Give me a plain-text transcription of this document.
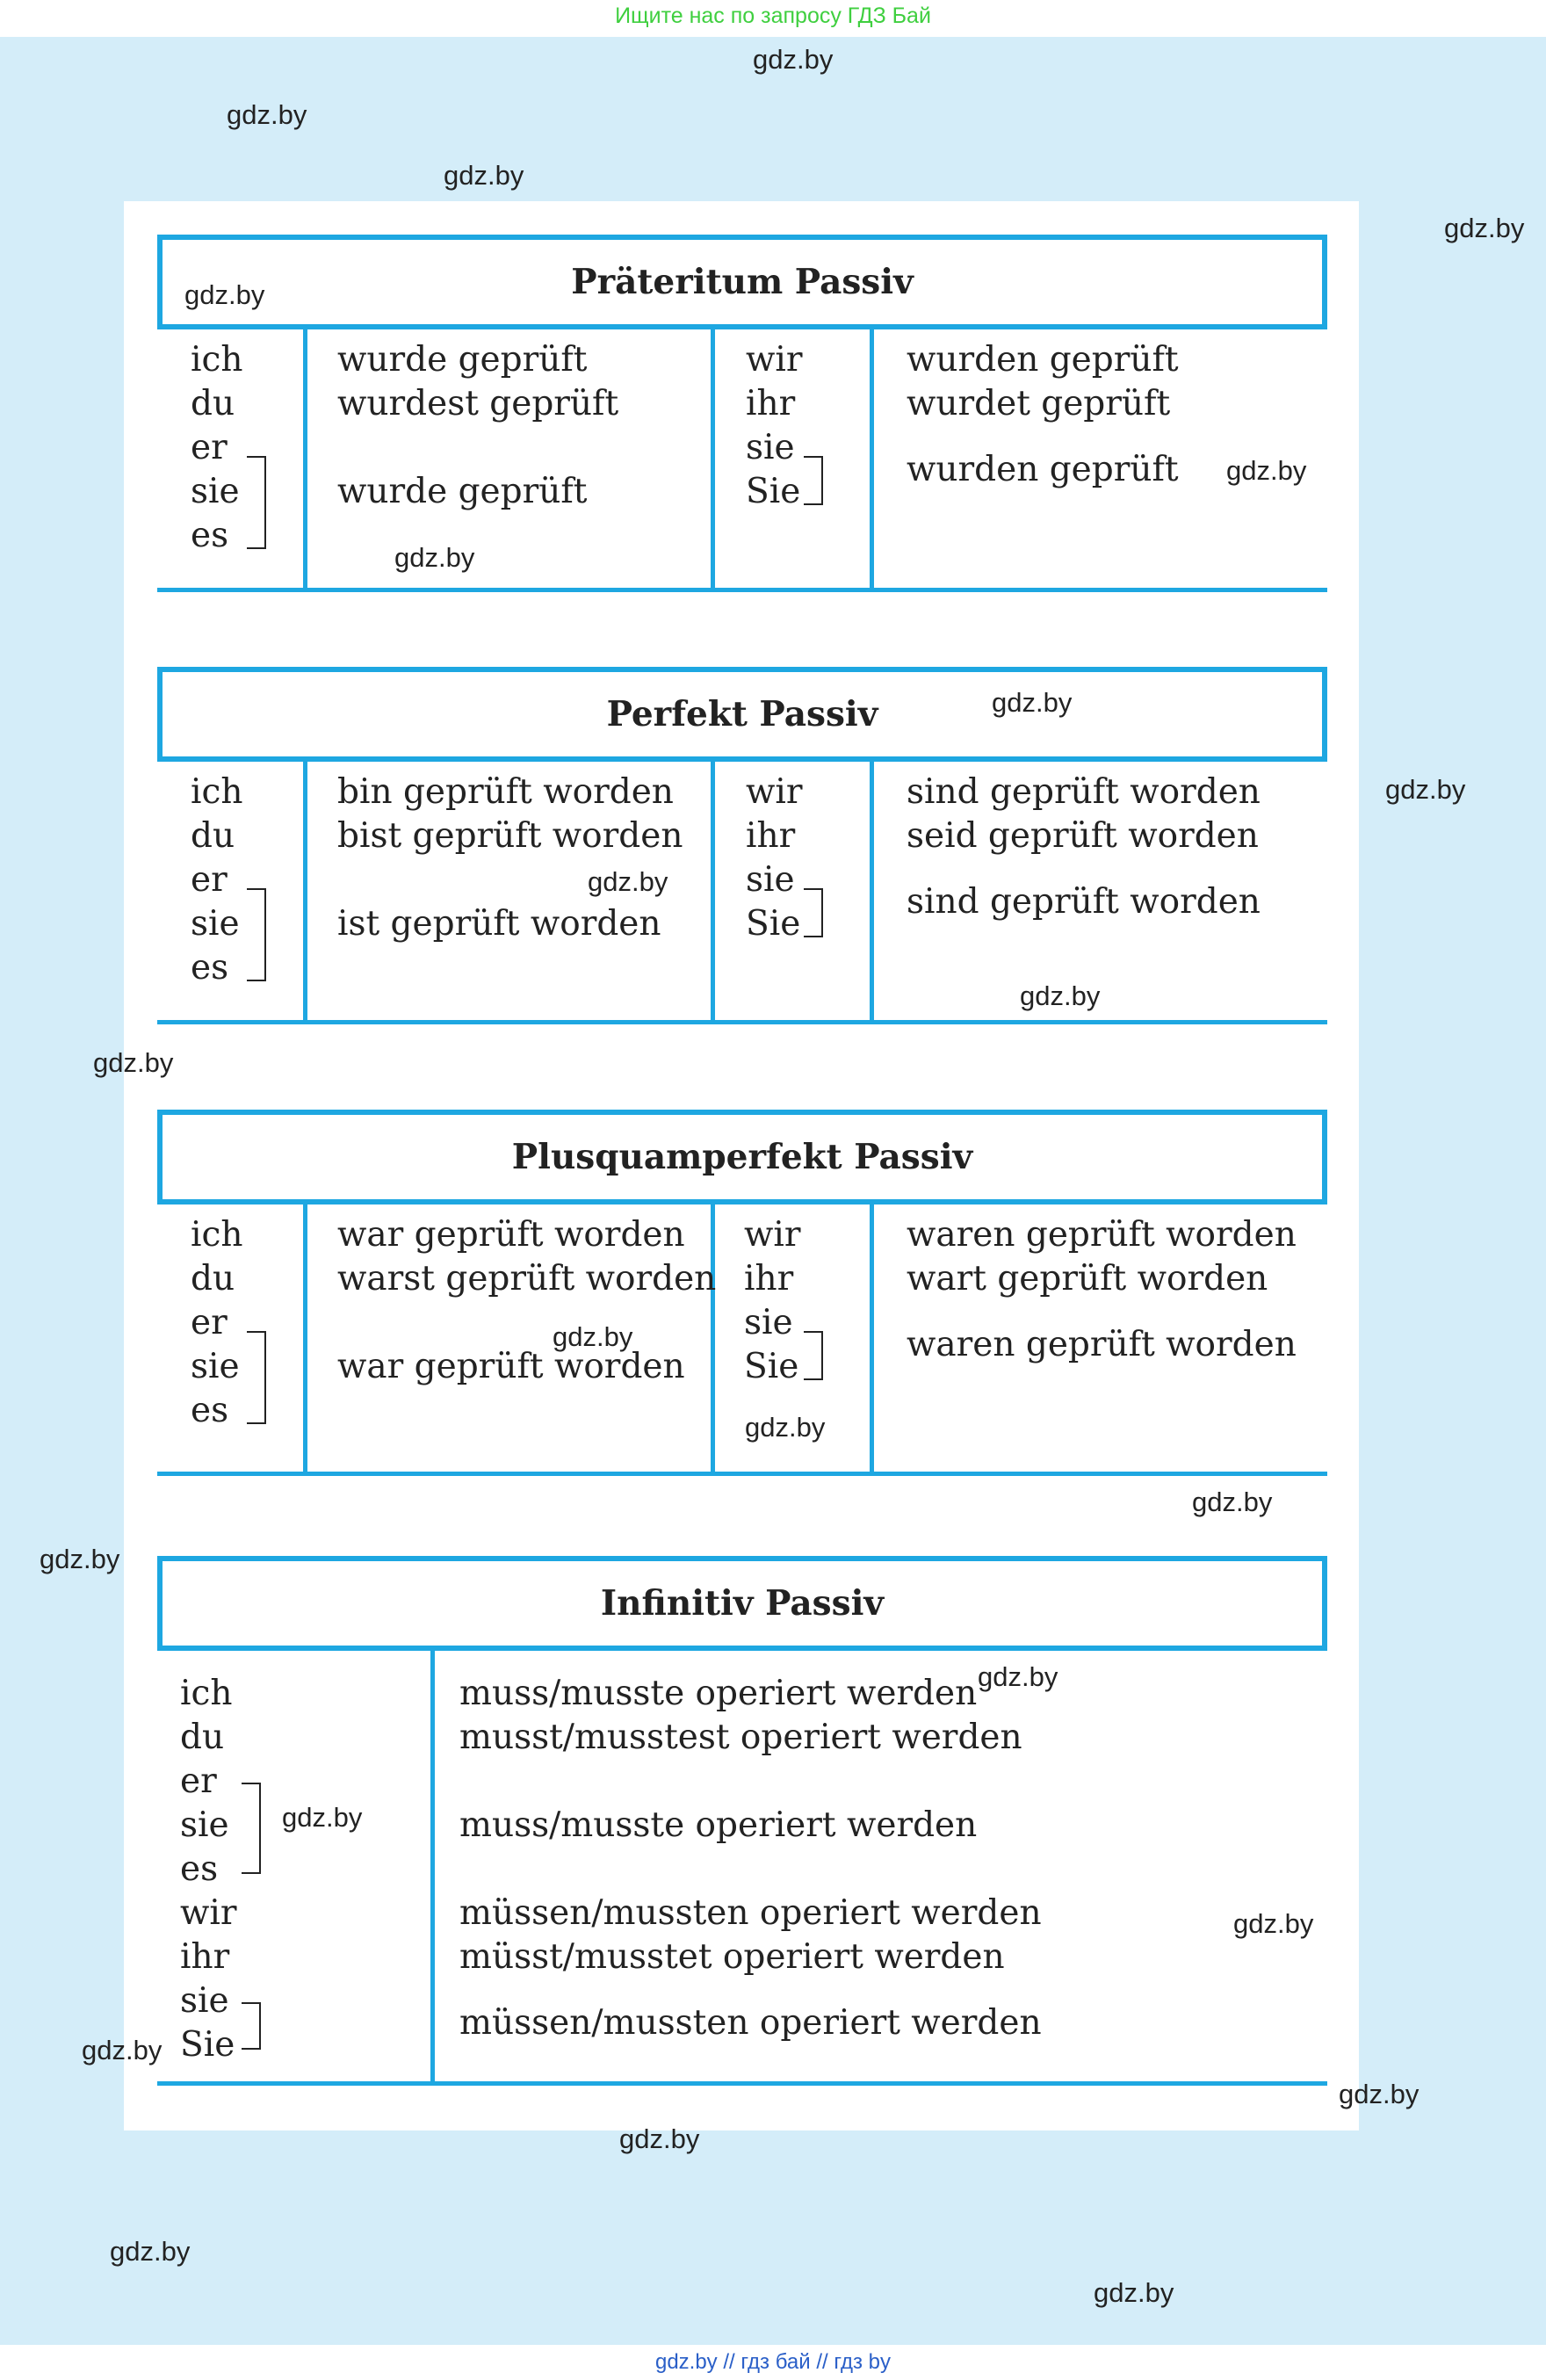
Ищите нас по запросу ГДЗ Бай
Präteritum Passiv
ich
du
er
sie
es
wurde geprüft
wurdest geprüft
wurde geprüft
wir
ihr
sie
Sie
wurden geprüft
wurdet geprüft
wurden geprüft
Perfekt Passiv
ich
du
er
sie
es
bin geprüft worden
bist geprüft worden
ist geprüft worden
wir
ihr
sie
Sie
sind geprüft worden
seid geprüft worden
sind geprüft worden
Plusquamperfekt Passiv
ich
du
er
sie
es
war geprüft worden
warst geprüft worden
war geprüft worden
wir
ihr
sie
Sie
waren geprüft worden
wart geprüft worden
waren geprüft worden
Infinitiv Passiv
ich
du
er
sie
es
wir
ihr
sie
Sie
muss/musste operiert werden
musst/musstest operiert werden
muss/musste operiert werden
müssen/mussten operiert werden
müsst/musstet operiert werden
müssen/mussten operiert werden
gdz.by
gdz.by
gdz.by
gdz.by
gdz.by
gdz.by
gdz.by
gdz.by
gdz.by
gdz.by
gdz.by
gdz.by
gdz.by
gdz.by
gdz.by
gdz.by
gdz.by
gdz.by
gdz.by
gdz.by
gdz.by
gdz.by
gdz.by
gdz.by
gdz.by // гдз бай // гдз by
